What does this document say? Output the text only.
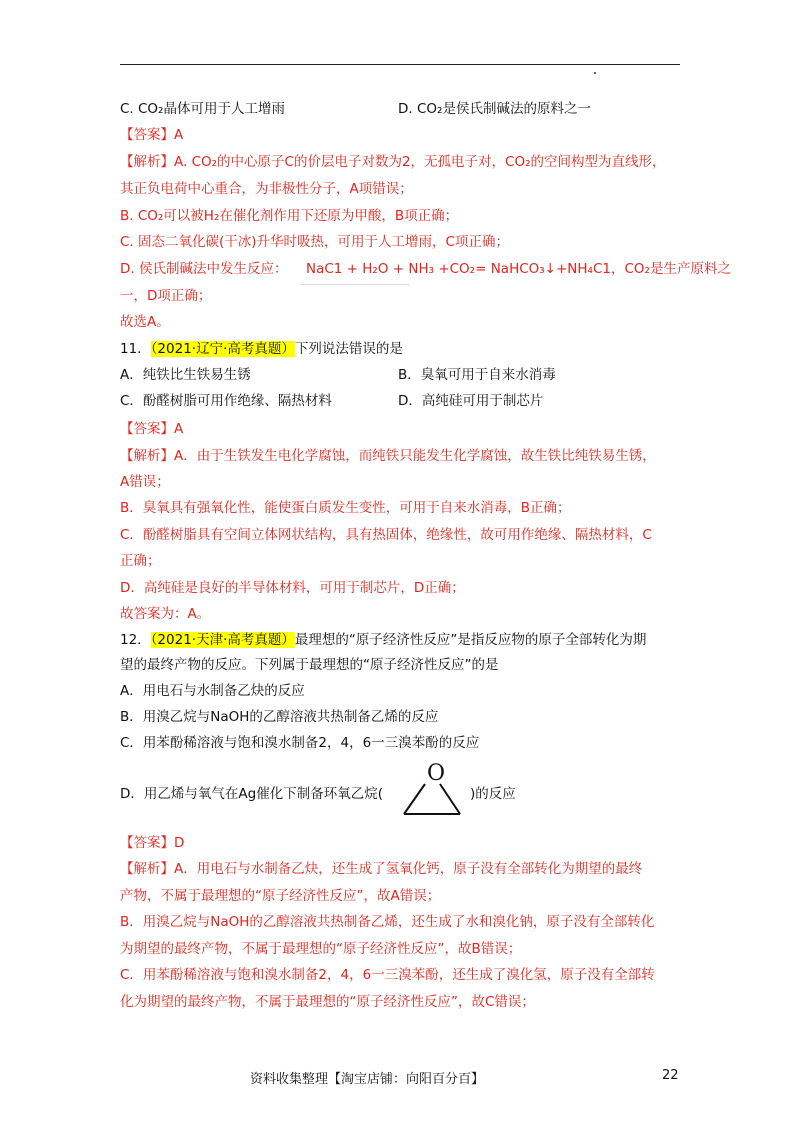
C. CO₂晶体可用于人工增雨	D. CO₂是侯氏制碱法的原料之一
【答案】A
【解析】A. CO₂的中心原子C的价层电子对数为2，无孤电子对，CO₂的空间构型为直线形，
其正负电荷中心重合，为非极性分子，A项错误；
B. CO₂可以被H₂在催化剂作用下还原为甲酸，B项正确；
C. 固态二氧化碳(干冰)升华时吸热，可用于人工增雨，C项正确；
D. 侯氏制碱法中发生反应： NaC1 + H₂O + NH₃ +CO₂= NaHCO₃↓+NH₄C1，CO₂是生产原料之
一，D项正确；
故选A。
11．（2021·辽宁·高考真题）下列说法错误的是
A．纯铁比生铁易生锈	B．臭氧可用于自来水消毒
C．酚醛树脂可用作绝缘、隔热材料	D．高纯硅可用于制芯片
【答案】A
【解析】A．由于生铁发生电化学腐蚀，而纯铁只能发生化学腐蚀，故生铁比纯铁易生锈，
A错误；
B．臭氧具有强氧化性，能使蛋白质发生变性，可用于自来水消毒，B正确；
C．酚醛树脂具有空间立体网状结构，具有热固体，绝缘性，故可用作绝缘、隔热材料，C
正确；
D．高纯硅是良好的半导体材料，可用于制芯片，D正确；
故答案为：A。
12．（2021·天津·高考真题）最理想的“原子经济性反应”是指反应物的原子全部转化为期
望的最终产物的反应。下列属于最理想的“原子经济性反应”的是
A．用电石与水制备乙炔的反应
B．用溴乙烷与NaOH的乙醇溶液共热制备乙烯的反应
C．用苯酚稀溶液与饱和溴水制备2，4，6一三溴苯酚的反应
D．用乙烯与氧气在Ag催化下制备环氧乙烷(	)的反应
O
【答案】D
【解析】A．用电石与水制备乙炔，还生成了氢氧化钙，原子没有全部转化为期望的最终
产物，不属于最理想的“原子经济性反应”，故A错误；
B．用溴乙烷与NaOH的乙醇溶液共热制备乙烯，还生成了水和溴化钠，原子没有全部转化
为期望的最终产物，不属于最理想的“原子经济性反应”，故B错误；
C．用苯酚稀溶液与饱和溴水制备2，4，6一三溴苯酚，还生成了溴化氢，原子没有全部转
化为期望的最终产物，不属于最理想的“原子经济性反应”，故C错误；
资料收集整理【淘宝店铺：向阳百分百】	22
